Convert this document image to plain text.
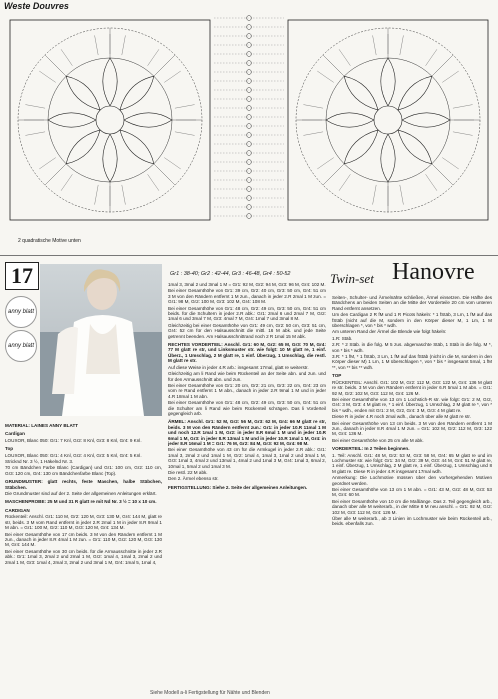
Weste Douvres
2 quadratische Motive unten
17
anny blatt
anny blatt
Gr1 : 38-40; Gr2 : 42-44, Gr3 : 46-48, Gr4 : 50-52	Twin-set Hanovre

MATERIAL: LAINES ANNY BLATT

Cardigan

LOUXOR, Blanc 050: Gr1: 7 Knl, Gr2: 8 Knl, Gr3: 8 Knl, Gr4: 9 Knl.

Top

LOUXOR, Blanc 050: Gr1: 4 Knl, Gr2: 4 Knl, Gr3: 5 Knl, Gr4: 5 Knl.

Stricknd Nr. 3 ½, 1 Häkelnd Nr. 3.

70 cm Bändchen Farbe Blanc (Cardigan) und Gr1: 100 cm, Gr2: 110 cm, Gr3: 120 cm, Gr4: 130 cm Bändchenfarbe Blanc (Top).

GRUNDMUSTER: glatt rechts, feste Maschen, halbe Stäbchen, Stäbchen.

Die Grundmuster sind auf der 2. Seite der allgemeinen Anleitungen erklärt.

MASCHENPROBE: 25 M und 31 R glatt re mit Nd Nr. 3 ½ = 10 x 10 cm.

CARDIGAN

Rückenteil: Anschl. Gr1: 110 M, Gr2: 120 M, Gr3: 130 M, Gr4: 144 M, glatt re str, beids. 3 M vom Rand entfernt in jeder 2.R 2mal 1 M in jeder 8.R 9mal 1 M abn. = Gr1: 100 M, Gr2: 110 M, Gr3: 120 M, Gr4: 134 M.

Bei einer Gesamthöhe von 17 cm beids. 3 M von den Rändern entfernt 1 M zun., danach in jeder 8.R 4mal 1 M zun. = Gr1: 110 M, Gr2: 120 M, Gr3: 130 M, Gr4: 144 M.

Bei einer Gesamthöhe von 30 cm beids. für die Armausschnitte in jeder 2.R abk.: Gr1: 1mal 3, 2mal 2 und 2mal 1 M, Gr2: 1mal 4, 1mal 3, 2mal 2 und 2mal 1 M, Gr3: 1mal 4, 2mal 3, 2mal 2 und 3mal 1 M, Gr4: 1mal 5, 1mal 4,

1mal 3, 3mal 2 und 3mal 1 M = Gr1: 92 M, Gr2: 94 M, Gr3: 96 M, Gr4: 102 M.

Bei einer Gesamthöhe von Gr1: 39 cm, Gr2: 40 cm, Gr3: 50 cm, Gr4: 51 cm 3 M von den Rändern entfernt 1 M zun., danach in jeder 2.R 2mal 1 M zun. = Gr1: 98 M, Gr2: 100 M, Gr3: 102 M, Gr4: 108 M.

Bei einer Gesamthöhe von Gr1: 48 cm, Gr2: 49 cm, Gr3: 50 cm, Gr4: 51 cm beids. für die Schultern in jeder 2.R abk.: Gr1: 2mal 6 und 2mal 7 M, Gr2: 1mal 6 und 3mal 7 M, Gr3: 4mal 7 M, Gr4: 1mal 7 und 3mal 8 M.

Gleichzeitig bei einer Gesamthöhe von Gr1: 49 cm, Gr2: 50 cm, Gr3: 51 cm, Gr4: 52 cm für den Halsausschnitt die mittl. 16 M abk. und jede Seite getrennt beenden. Am Halsausschnittrand noch 2 R 1mal 15 M abk.

RECHTES VORDERTEIL: Anschl. Gr1: 60 M, Gr2: 65 M, Gr3: 70 M, Gr4: 77 M glatt re str, und Linksmuster str. wie folgt: 10 M glatt re, 1 einf. Überz., 1 Umschlag, 2 M glatt re, 1 einf. Überzug, 1 Umschlag, die restl. M glatt re str.

Auf diese Weise in jeder 4.R arb.: insgesamt 17mal, glatt re weiterstr.

Gleichzeitig am li Rand wie beim Rückenteil an der Seite abn. und zun. und für den Armausschnitt abn. und zun.

Bei einer Gesamthöhe von Gr1: 20 cm, Gr2: 21 cm, Gr3: 22 cm, Gr4: 23 cm vom re Rand entfernt 1 M abn., danach in jeder 2.R 9mal 1 M und in jeder 4.R 18mal 1 M abn.

Bei einer Gesamthöhe von Gr1: 48 cm, Gr2: 49 cm, Gr3: 50 cm, Gr4: 51 cm die Schulter am li Rand wie beim Rückenteil schrägen. Das li Vorderteil gegengleich arb.

ÄRMEL: Anschl. Gr1: 52 M, Gr2: 56 M, Gr3: 62 M, Gr4: 66 M glatt re str, beids. 3 M von den Rändern entfernt zun.: Gr1: in jeder 10.R 11mal 1 M und noch 12.R 1mal 1 M, Gr2: in jeder 8.R 6mal 1 M und in jeder 10.R 6mal 1 M, Gr3: in jeder 8.R 13mal 1 M und in jeder 10.R 1mal 1 M, Gr4: in jeder 8.R 16mal 1 M = Gr1: 76 M, Gr2: 84 M, Gr3: 92 M, Gr4: 98 M.

Bei einer Gesamthöhe von 43 cm für die Armkugel in jeder 2.R abk.: Gr1: 1mal 3, 2mal 2 und 1mal 1 M, Gr2: 1mal 4, 1mal 3, 1mal 2 und 3mal 1 M, Gr3: 1mal 3, 4mal 2 und 13mal 1, 4mal 2 und 1mal 3 M, Gr4: 1mal 3, 6mal 2, 10mal 1, 5mal 2 und 1mal 3 M.

Die restl. 22 M abk.

Den 2. Ärmel ebenso str.

FERTIGSTELLUNG: Siehe 2. Seite der allgemeinen Anleitungen.

Seiten-, Schulter- und Ärmelnähte schließen, Ärmel einsetzen. Die Hälfte des Bändchens an beiden Seiten an die Mitte der Vorderteile 20 cm vom unteren Rand entfernt ansetzen.

Um den Cardigan 2 R fM und 1 R Picots häkeln: * 1 fStäb, 3 Lm, 1 fM auf das fStäb (nicht auf die M, sondern in den Körper dieser M, 1 Lm, 1 M überschlagen *, von * bis * wdh.

Am unteren Rand der Ärmel die Blende wie folgt häkeln:

1.R: Stäb.

2.R: * 2 Stäb. in die folg. M 5 zus. abgemaschte Stäb, 1 Stäb in die folg. M *, von * bis * wdh.

3.R: * 1 fM, * 1 fStäb, 3 Lm, 1 fM auf das fStäb (nicht in die M, sondern in den Körper dieser M) 1 Lm, 1 M überschlagen *, von * bis * insgesamt 5mal, 1 fM **, von ** bis ** wdh.

TOP

RÜCKENTEIL: Anschl. Gr1: 102 M, Gr2: 112 M, Gr3: 122 M, Gr4: 136 M glatt re str. beids. 3 M von den Rändern entfernt in jeder 6.R 5mal 1 M abn. = Gr1: 92 M, Gr2: 102 M, Gr3: 112 M, Gr4: 126 M.

Bei einer Gesamthöhe von 13 cm 1 Lochstich-R str. wie folgt: Gr1: 2 M, Gr2, Gr4: 3 M, Gr3: 4 M glatt re, * 1 einf. Überzug, 1 Umschlag, 2 M glatt re *, von * bis * wdh., enden mit Gr1: 2 M, Gr2, Gr4: 3 M, Gr3: 4 M glatt re.

Diese R in jeder 4.R noch 2mal wdh., danach über alle M glatt re str.

Bei einer Gesamthöhe von 13 cm beids. 3 M von den Rändern entfernt 1 M zun., danach in jeder 8.R 4mal 1 M zun. = Gr1: 102 M, Gr2: 112 M, Gr3: 122 M, Gr4: 136 M.

Bei einer Gesamthöhe von 25 cm alle M abk.

VORDERTEIL: In 2 Teilen beginnen.

1. Teil: Anschl. Gr1: 48 M, Gr2: 53 M, Gr3: 58 M, Gr4: 65 M glatt re und im Lochmuster str. wie folgt: Gr1: 34 M, Gr2: 39 M, Gr3: 44 M, Gr4: 51 M glatt re, 1 einf. Überzug, 1 Umschlag, 2 M glatt re, 1 einf. Überzug, 1 Umschlag und 8 M glatt re. Diese R in jeder 4.R insgesamt 17mal wdh.

Anmerkung: Die Lochmotive müssen über den vorhergehenden Motiven geordnet werden.

Bei einer Gesamthöhe von 13 cm 1 M abn. = Gr1: 43 M, Gr2: 48 M, Gr3: 53 M, Gr4: 60 M.

Bei einer Gesamthöhe von 10 cm die Maßlänge. Das 2. Teil gegengleich arb., danach über alle M weiterarb., in der Mitte 8 M neu anschl. = Gr1: 92 M, Gr2: 102 M, Gr3: 112 M, Gr4: 126 M.

Über alle M weiterarb., ab 3 Linien im Lochmuster wie beim Rückenteil arb., beids. ebenfalls zun.

Siehe Modell a-li Fertigstellung für Nähte und Blenden
